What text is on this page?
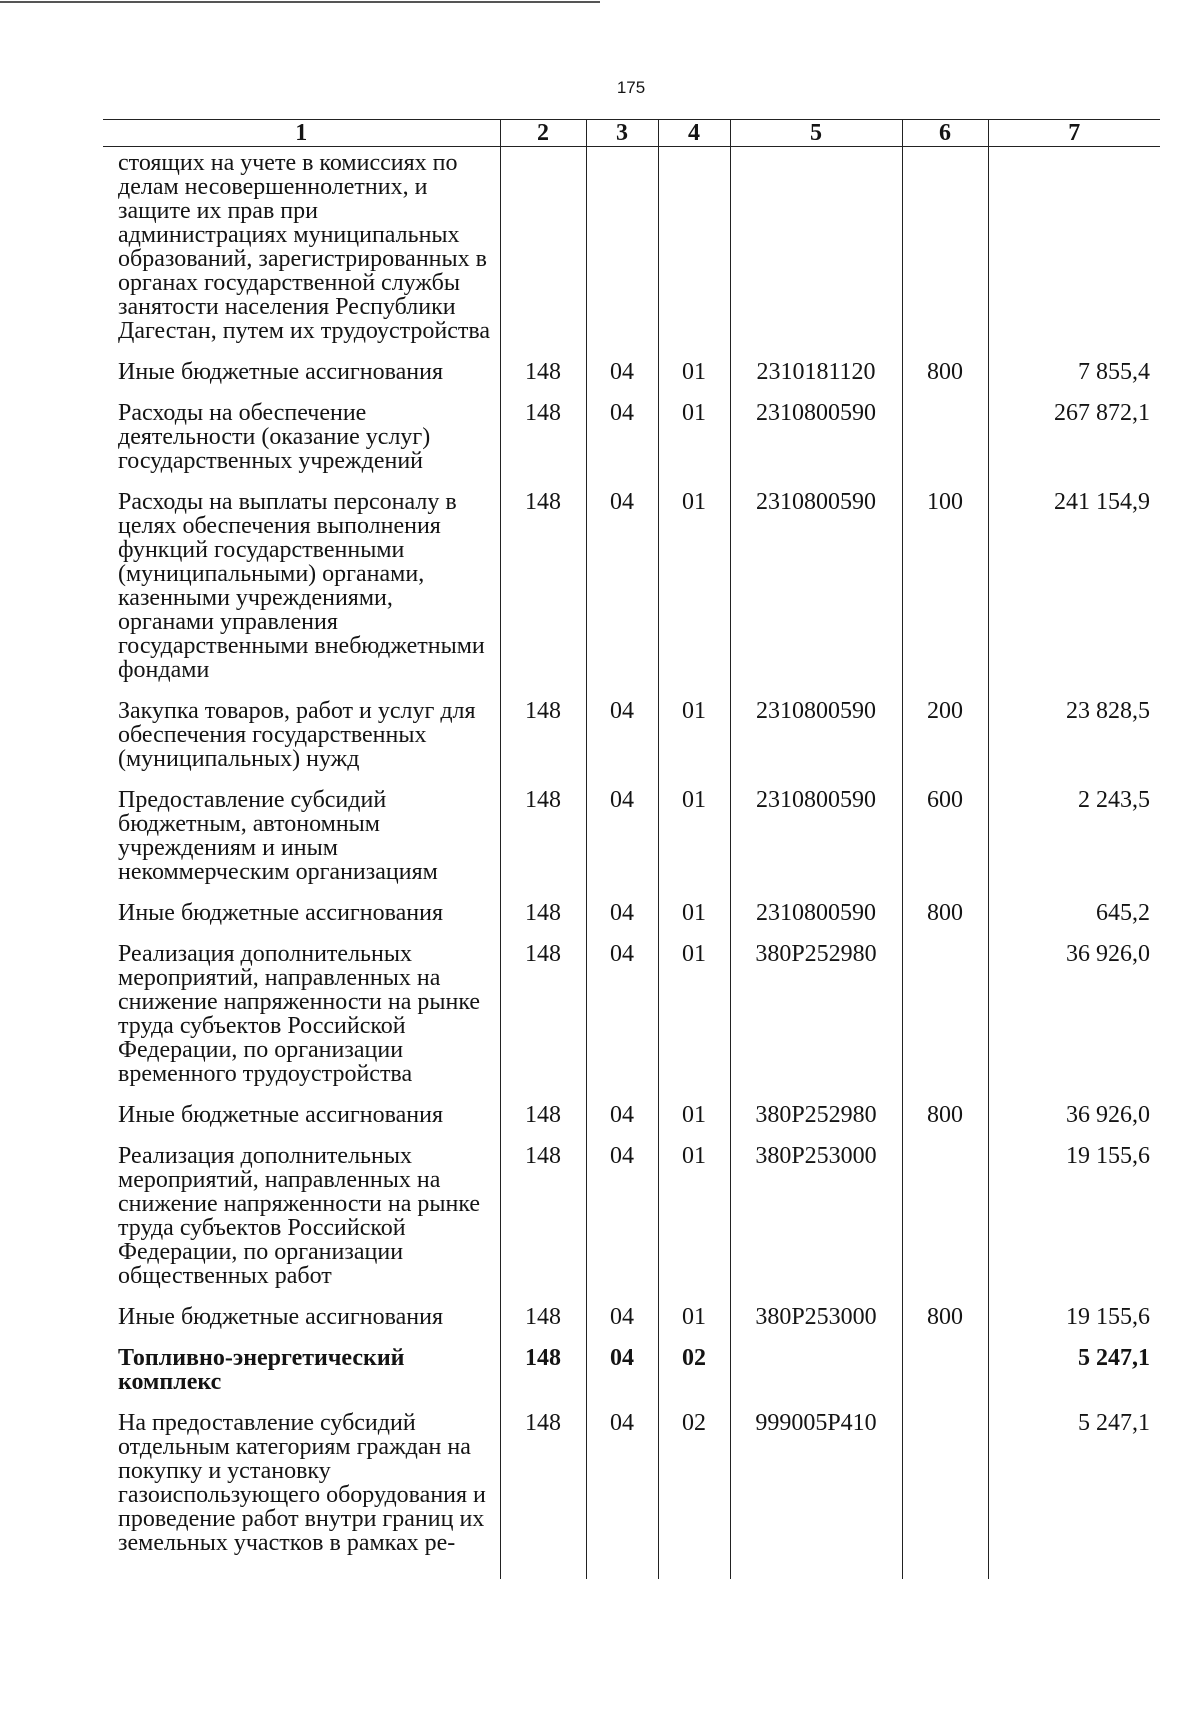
175
1	2	3	4	5	6	7
стоящих на учете в комиссиях по делам несовершеннолетних, и защите их прав при администрациях муниципальных образований, зарегистрированных в органах государственной службы занятости населения Республики Дагестан, путем их трудоустройства						
Иные бюджетные ассигнования	148	04	01	2310181120	800	7 855,4
Расходы на обеспечение деятельности (оказание услуг) государственных учреждений	148	04	01	2310800590		267 872,1
Расходы на выплаты персоналу в целях обеспечения выполнения функций государственными (муниципальными) органами, казенными учреждениями, органами управления государственными внебюджетными фондами	148	04	01	2310800590	100	241 154,9
Закупка товаров, работ и услуг для обеспечения государственных (муниципальных) нужд	148	04	01	2310800590	200	23 828,5
Предоставление субсидий бюджетным, автономным учреждениям и иным некоммерческим организациям	148	04	01	2310800590	600	2 243,5
Иные бюджетные ассигнования	148	04	01	2310800590	800	645,2
Реализация дополнительных мероприятий, направленных на снижение напряженности на рынке труда субъектов Российской Федерации, по организации временного трудоустройства	148	04	01	380P252980		36 926,0
Иные бюджетные ассигнования	148	04	01	380P252980	800	36 926,0
Реализация дополнительных мероприятий, направленных на снижение напряженности на рынке труда субъектов Российской Федерации, по организации общественных работ	148	04	01	380P253000		19 155,6
Иные бюджетные ассигнования	148	04	01	380P253000	800	19 155,6
Топливно-энергетический комплекс	148	04	02			5 247,1
На предоставление субсидий отдельным категориям граждан на покупку и установку газоиспользующего оборудования и проведение работ внутри границ их земельных участков в рамках ре-	148	04	02	999005P410		5 247,1
